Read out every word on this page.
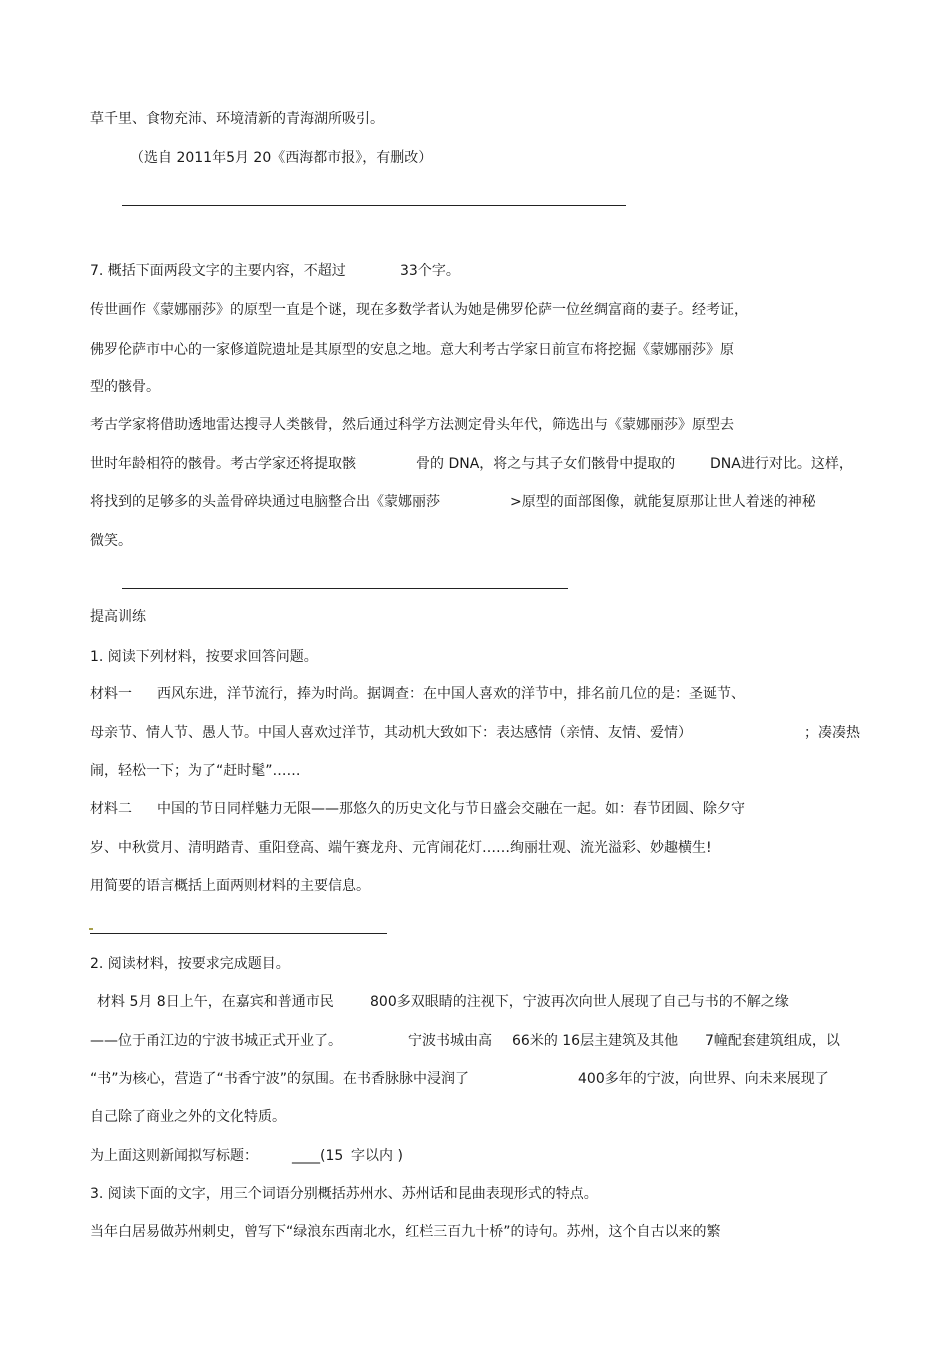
草千里、食物充沛、环境清新的青海湖所吸引。
（选自 2011年5月 20《西海都市报》，有删改）
7. 概括下面两段文字的主要内容，不超过	33个字。
传世画作《蒙娜丽莎》的原型一直是个谜，现在多数学者认为她是佛罗伦萨一位丝绸富商的妻子。经考证，
佛罗伦萨市中心的一家修道院遗址是其原型的安息之地。意大利考古学家日前宣布将挖掘《蒙娜丽莎》原
型的骸骨。
考古学家将借助透地雷达搜寻人类骸骨，然后通过科学方法测定骨头年代，筛选出与《蒙娜丽莎》原型去
世时年龄相符的骸骨。考古学家还将提取骸	骨的 DNA，将之与其子女们骸骨中提取的 DNA进行对比。这样，
将找到的足够多的头盖骨碎块通过电脑整合出《蒙娜丽莎	>原型的面部图像，就能复原那让世人着迷的神秘
微笑。
提高训练
1. 阅读下列材料，按要求回答问题。
材料一 西风东进，洋节流行，捧为时尚。据调查：在中国人喜欢的洋节中，排名前几位的是：圣诞节、
母亲节、情人节、愚人节。中国人喜欢过洋节，其动机大致如下：表达感情（亲情、友情、爱情）	；凑凑热
闹，轻松一下；为了“赶时髦”……
材料二 中国的节日同样魅力无限——那悠久的历史文化与节日盛会交融在一起。如：春节团圆、除夕守
岁、中秋赏月、清明踏青、重阳登高、端午赛龙舟、元宵闹花灯……绚丽壮观、流光溢彩、妙趣横生!
用简要的语言概括上面两则材料的主要信息。
2. 阅读材料，按要求完成题目。
材料 5月 8日上午，在嘉宾和普通市民	800多双眼睛的注视下，宁波再次向世人展现了自己与书的不解之缘
——位于甬江边的宁波书城正式开业了。	宁波书城由高 66米的 16层主建筑及其他 7幢配套建筑组成，以
“书”为核心，营造了“书香宁波”的氛围。在书香脉脉中浸润了	400多年的宁波，向世界、向未来展现了
自己除了商业之外的文化特质。
为上面这则新闻拟写标题： ____(15 字以内 )
3. 阅读下面的文字，用三个词语分别概括苏州水、苏州话和昆曲表现形式的特点。
当年白居易做苏州刺史，曾写下“绿浪东西南北水，红栏三百九十桥”的诗句。苏州，这个自古以来的繁
